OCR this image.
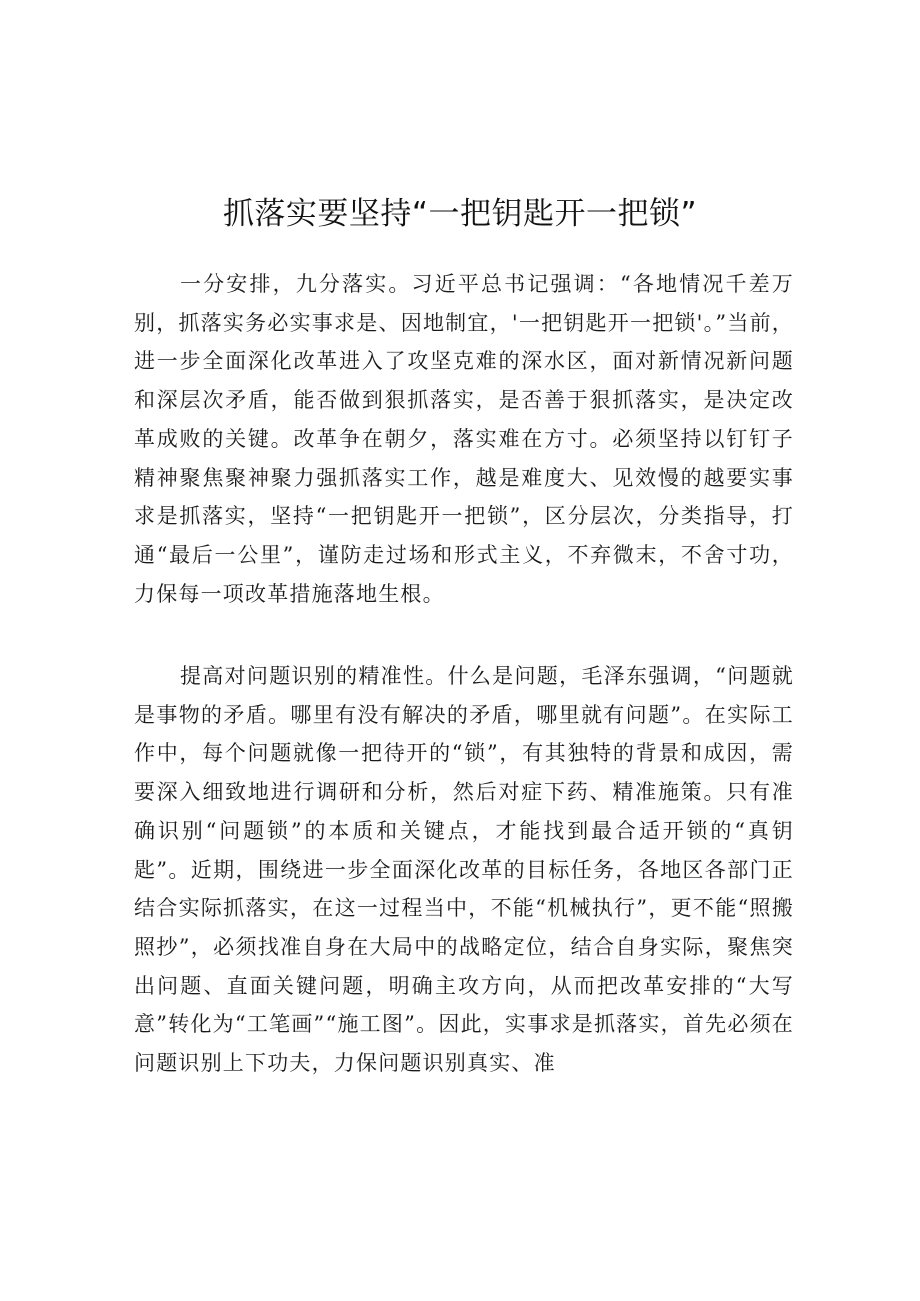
抓落实要坚持“一把钥匙开一把锁”

一分安排，九分落实。习近平总书记强调：“各地情况千差万别，抓落实务必实事求是、因地制宜，'一把钥匙开一把锁'。”当前，进一步全面深化改革进入了攻坚克难的深水区，面对新情况新问题和深层次矛盾，能否做到狠抓落实，是否善于狠抓落实，是决定改革成败的关键。改革争在朝夕，落实难在方寸。必须坚持以钉钉子精神聚焦聚神聚力强抓落实工作，越是难度大、见效慢的越要实事求是抓落实，坚持“一把钥匙开一把锁”，区分层次，分类指导，打通“最后一公里”，谨防走过场和形式主义，不弃微末，不舍寸功，力保每一项改革措施落地生根。

提高对问题识别的精准性。什么是问题，毛泽东强调，“问题就是事物的矛盾。哪里有没有解决的矛盾，哪里就有问题”。在实际工作中，每个问题就像一把待开的“锁”，有其独特的背景和成因，需要深入细致地进行调研和分析，然后对症下药、精准施策。只有准确识别“问题锁”的本质和关键点，才能找到最合适开锁的“真钥匙”。近期，围绕进一步全面深化改革的目标任务，各地区各部门正结合实际抓落实，在这一过程当中，不能“机械执行”，更不能“照搬照抄”，必须找准自身在大局中的战略定位，结合自身实际，聚焦突出问题、直面关键问题，明确主攻方向，从而把改革安排的“大写意”转化为“工笔画”“施工图”。因此，实事求是抓落实，首先必须在问题识别上下功夫，力保问题识别真实、准
